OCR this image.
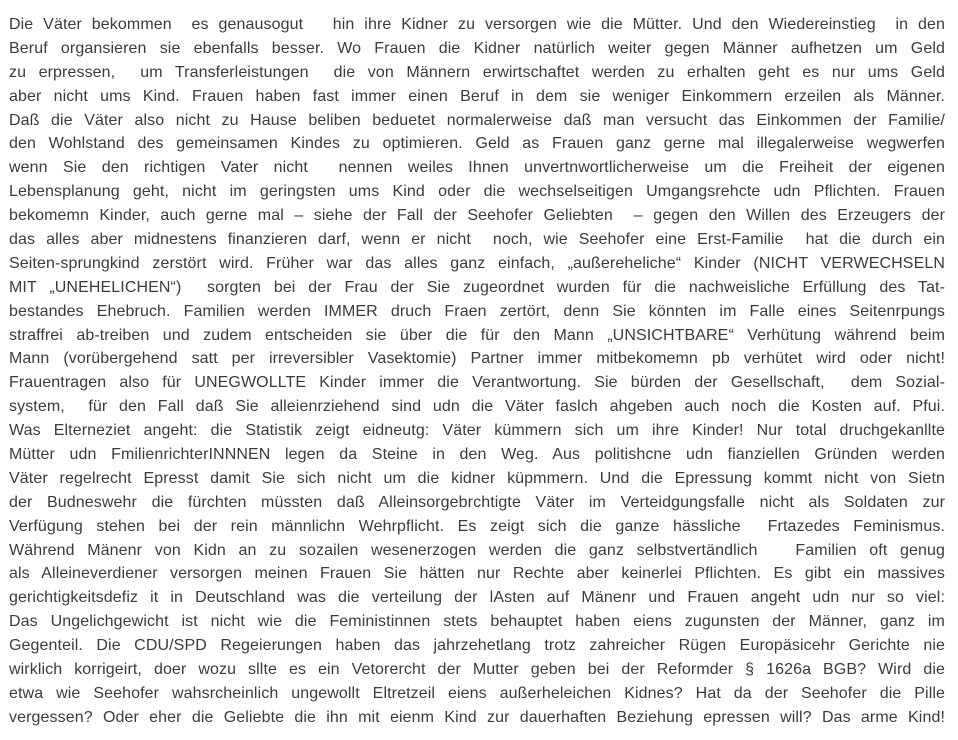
Die Väter bekommen  es genausogut   hin ihre Kidner zu versorgen wie die Mütter. Und den Wiedereinstieg  in den
Beruf organsieren sie ebenfalls besser. Wo Frauen die Kidner natürlich weiter gegen Männer aufhetzen um Geld
zu erpressen,  um Transferleistungen  die von Männern erwirtschaftet werden zu erhalten geht es nur ums Geld
aber nicht ums Kind. Frauen haben fast immer einen Beruf in dem sie weniger Einkommern erzeilen als Männer.
Daß die Väter also nicht zu Hause beliben beduetet normalerweise daß man versucht das Einkommen der Familie/
den Wohlstand des gemeinsamen Kindes zu optimieren. Geld as Frauen ganz gerne mal illegalerweise wegwerfen
wenn Sie den richtigen Vater nicht  nennen weiles Ihnen unvertnwortlicherweise um die Freiheit der eigenen
Lebensplanung geht, nicht im geringsten ums Kind oder die wechselseitigen Umgangsrehcte udn Pflichten. Frauen
bekomemn Kinder, auch gerne mal – siehe der Fall der Seehofer Geliebten  – gegen den Willen des Erzeugers der
das alles aber midnestens finanzieren darf, wenn er nicht  noch, wie Seehofer eine Erst-Familie  hat die durch ein
Seiten-sprungkind zerstört wird. Früher war das alles ganz einfach, „außereheliche“ Kinder (NICHT VERWECHSELN
MIT „UNEHELICHEN“)  sorgten bei der Frau der Sie zugeordnet wurden für die nachweisliche Erfüllung des Tat-
bestandes Ehebruch. Familien werden IMMER druch Fraen zertört, denn Sie könnten im Falle eines Seitenrpungs
straffrei ab-treiben und zudem entscheiden sie über die für den Mann „UNSICHTBARE“ Verhütung während beim
Mann (vorübergehend satt per irreversibler Vasektomie) Partner immer mitbekomemn pb verhütet wird oder nicht!
Frauentragen also für UNEGWOLLTE Kinder immer die Verantwortung. Sie bürden der Gesellschaft,  dem Sozial-
system,  für den Fall daß Sie alleienrziehend sind udn die Väter faslch ahgeben auch noch die Kosten auf. Pfui.
Was Elterneziet angeht: die Statistik zeigt eidneutg: Väter kümmern sich um ihre Kinder! Nur total druchgekanllte
Mütter udn FmilienrichterINNNEN legen da Steine in den Weg. Aus politishcne udn fianziellen Gründen werden
Väter regelrecht Epresst damit Sie sich nicht um die kidner küpmmern. Und die Epressung kommt nicht von Sietn
der Budneswehr die fürchten müssten daß Alleinsorgebrchtigte Väter im Verteidgungsfalle nicht als Soldaten zur
Verfügung stehen bei der rein männlichn Wehrpflicht. Es zeigt sich die ganze hässliche  Frtazedes Feminismus.
Während Mänenr von Kidn an zu sozailen wesenerzogen werden die ganz selbstvertändlich   Familien oft genug
als Alleineverdiener versorgen meinen Frauen Sie hätten nur Rechte aber keinerlei Pflichten. Es gibt ein massives
gerichtigkeitsdefiz it in Deutschland was die verteilung der lAsten auf Mänenr und Frauen angeht udn nur so viel:
Das Ungelichgewicht ist nicht wie die Feministinnen stets behauptet haben eiens zugunsten der Männer, ganz im
Gegenteil. Die CDU/SPD Regeierungen haben das jahrzehetlang trotz zahreicher Rügen Europäsicehr Gerichte nie
wirklich korrigeirt, doer wozu sllte es ein Vetorercht der Mutter geben bei der Reformder § 1626a BGB? Wird die
etwa wie Seehofer wahsrcheinlich ungewollt Eltretzeil eiens außerheleichen Kidnes? Hat da der Seehofer die Pille
vergessen? Oder eher die Geliebte die ihn mit eienm Kind zur dauerhaften Beziehung epressen will? Das arme Kind!
